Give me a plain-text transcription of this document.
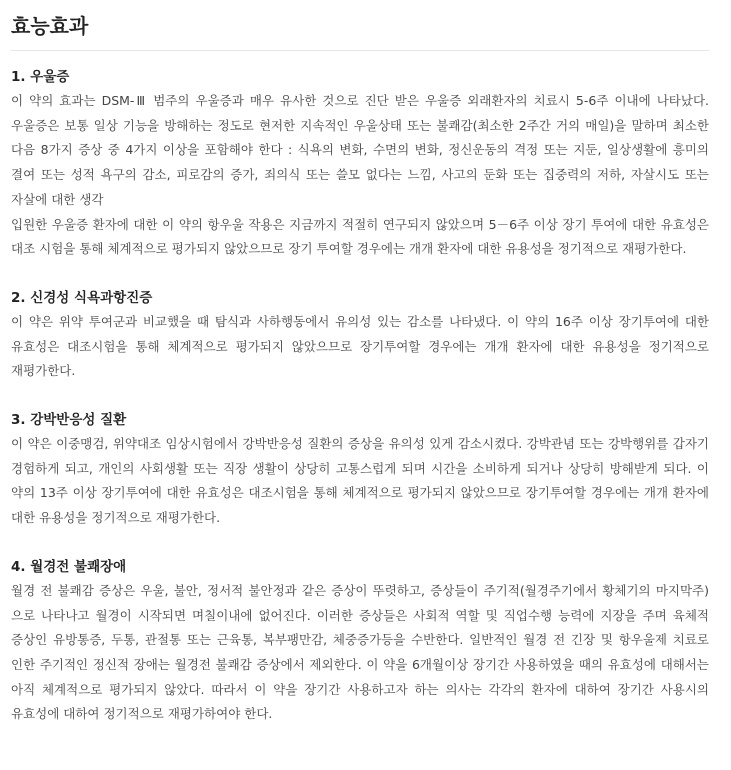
효능효과
1. 우울증

이 약의 효과는 DSM-Ⅲ 범주의 우울증과 매우 유사한 것으로 진단 받은 우울증 외래환자의 치료시 5-6주 이내에 나타났다. 우울증은 보통 일상 기능을 방해하는 정도로 현저한 지속적인 우울상태 또는 불쾌감(최소한 2주간 거의 매일)을 말하며 최소한 다음 8가지 증상 중 4가지 이상을 포함해야 한다 : 식욕의 변화, 수면의 변화, 정신운동의 격정 또는 지둔, 일상생활에 흥미의 결여 또는 성적 욕구의 감소, 피로감의 증가, 죄의식 또는 쓸모 없다는 느낌, 사고의 둔화 또는 집중력의 저하, 자살시도 또는 자살에 대한 생각

입원한 우울증 환자에 대한 이 약의 항우울 작용은 지금까지 적절히 연구되지 않았으며 5－6주 이상 장기 투여에 대한 유효성은 대조 시험을 통해 체계적으로 평가되지 않았으므로 장기 투여할 경우에는 개개 환자에 대한 유용성을 정기적으로 재평가한다.

2. 신경성 식욕과항진증

이 약은 위약 투여군과 비교했을 때 탐식과 사하행동에서 유의성 있는 감소를 나타냈다. 이 약의 16주 이상 장기투여에 대한 유효성은 대조시험을 통해 체계적으로 평가되지 않았으므로 장기투여할 경우에는 개개 환자에 대한 유용성을 정기적으로 재평가한다.

3. 강박반응성 질환

이 약은 이중맹검, 위약대조 임상시험에서 강박반응성 질환의 증상을 유의성 있게 감소시켰다. 강박관념 또는 강박행위를 갑자기 경험하게 되고, 개인의 사회생활 또는 직장 생활이 상당히 고통스럽게 되며 시간을 소비하게 되거나 상당히 방해받게 되다. 이 약의 13주 이상 장기투여에 대한 유효성은 대조시험을 통해 체계적으로 평가되지 않았으므로 장기투여할 경우에는 개개 환자에 대한 유용성을 정기적으로 재평가한다.

4. 월경전 불쾌장애

월경 전 불쾌감 증상은 우울, 불안, 정서적 불안정과 같은 증상이 뚜렷하고, 증상들이 주기적(월경주기에서 황체기의 마지막주)으로 나타나고 월경이 시작되면 며칠이내에 없어진다. 이러한 증상들은 사회적 역할 및 직업수행 능력에 지장을 주며 육체적 증상인 유방통증, 두통, 관절통 또는 근육통, 복부팽만감, 체중증가등을 수반한다. 일반적인 월경 전 긴장 및 항우울제 치료로 인한 주기적인 정신적 장애는 월경전 불쾌감 증상에서 제외한다. 이 약을 6개월이상 장기간 사용하였을 때의 유효성에 대해서는 아직 체계적으로 평가되지 않았다. 따라서 이 약을 장기간 사용하고자 하는 의사는 각각의 환자에 대하여 장기간 사용시의 유효성에 대하여 정기적으로 재평가하여야 한다.
